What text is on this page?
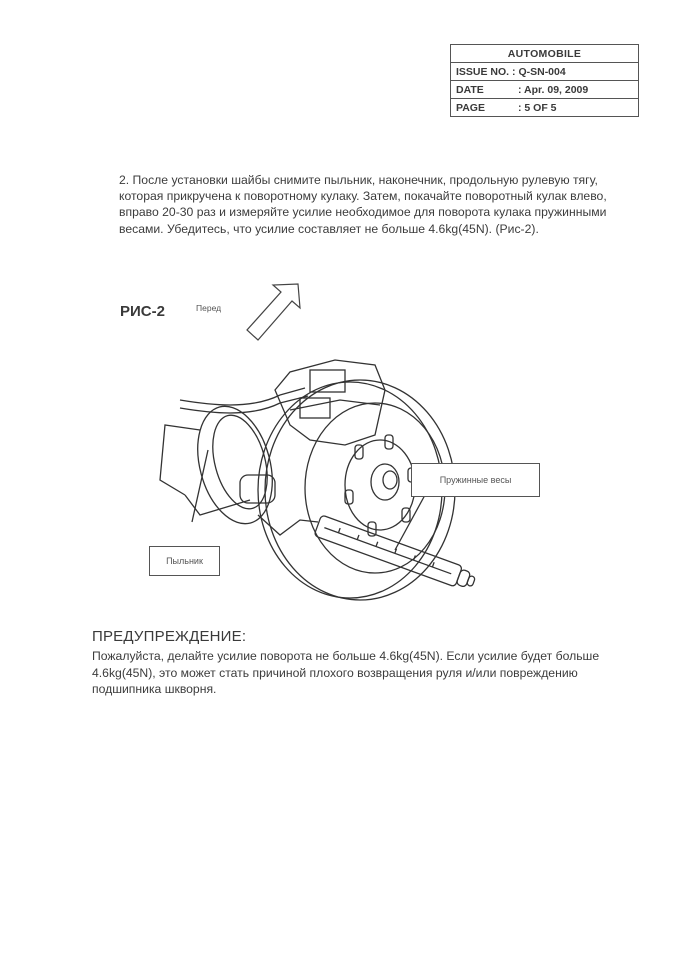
AUTOMOBILE
ISSUE NO. : Q-SN-004
DATE	: Apr. 09, 2009
PAGE	: 5 OF 5
2. После установки шайбы снимите пыльник, наконечник, продольную рулевую тягу, которая прикручена к поворотному кулаку. Затем, покачайте поворотный кулак влево, вправо 20-30 раз и измеряйте усилие необходимое для поворота кулака пружинными весами. Убедитесь, что усилие составляет не больше 4.6kg(45N). (Рис-2).
РИС-2	Перед
Пружинные весы
Пыльник
ПРЕДУПРЕЖДЕНИЕ:
Пожалуйста, делайте усилие поворота не больше 4.6kg(45N). Если усилие будет больше 4.6kg(45N), это может стать причиной плохого возвращения руля и/или повреждению подшипника шкворня.
